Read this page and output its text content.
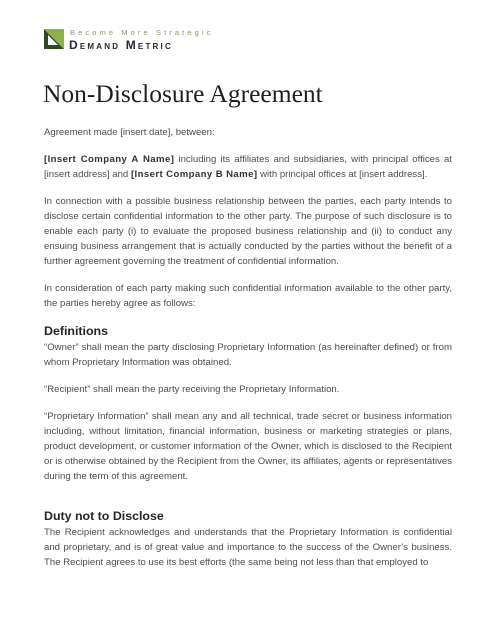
Become More Strategic
Demand Metric
Non-Disclosure Agreement

Agreement made [insert date], between:

[Insert Company A Name] including its affiliates and subsidiaries, with principal offices at [insert address] and [Insert Company B Name] with principal offices at [insert address].

In connection with a possible business relationship between the parties, each party intends to disclose certain confidential information to the other party. The purpose of such disclosure is to enable each party (i) to evaluate the proposed business relationship and (ii) to conduct any ensuing business arrangement that is actually conducted by the parties without the benefit of a further agreement governing the treatment of confidential information.

In consideration of each party making such confidential information available to the other party, the parties hereby agree as follows:

Definitions

“Owner” shall mean the party disclosing Proprietary Information (as hereinafter defined) or from whom Proprietary Information was obtained.

“Recipient” shall mean the party receiving the Proprietary Information.

“Proprietary Information” shall mean any and all technical, trade secret or business information including, without limitation, financial information, business or marketing strategies or plans, product development, or customer information of the Owner, which is disclosed to the Recipient or is otherwise obtained by the Recipient from the Owner, its affiliates, agents or representatives during the term of this agreement.

Duty not to Disclose

The Recipient acknowledges and understands that the Proprietary Information is confidential and proprietary, and is of great value and importance to the success of the Owner’s business. The Recipient agrees to use its best efforts (the same being not less than that employed to
